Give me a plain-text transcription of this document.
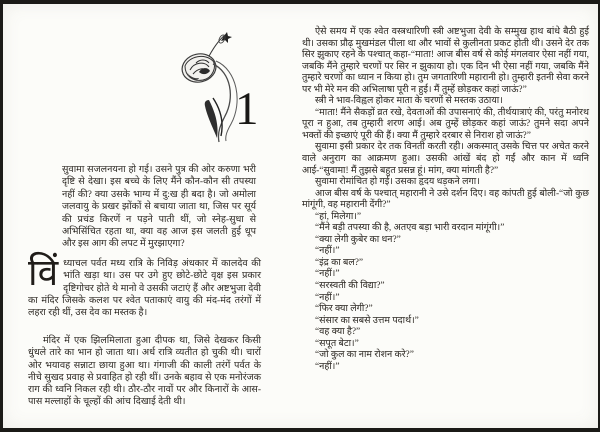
1

सुवामा सजलनयना हो गई। उसने पुत्र की ओर करुणा भरी दृष्टि से देखा। इस बच्चे के लिए मैंने कौन-कौन सी तपस्या नहीं की? क्या उसके भाग्य में दु:ख ही बदा है। जो अमोला जलवायु के प्रखर झोंकों से बचाया जाता था, जिस पर सूर्य की प्रचंड किरणें न पड़ने पाती थीं, जो स्नेह-सुधा से अभिसिंचित रहता था, क्या वह आज इस जलती हुई धूप और इस आग की लपट में मुरझाएगा?

विंध्याचल पर्वत मध्य रात्रि के निविड़ अंधकार में कालदेव की भांति खड़ा था। उस पर उगे हुए छोटे-छोटे वृक्ष इस प्रकार दृष्टिगोचर होते थे मानो वे उसकी जटाएं हैं और अष्टभुजा देवी का मंदिर जिसके कलश पर श्वेत पताकाएं वायु की मंद-मंद तरंगों में लहरा रही थीं, उस देव का मस्तक है।

मंदिर में एक झिलमिलाता हुआ दीपक था, जिसे देखकर किसी धुंधले तारे का भान हो जाता था। अर्ध रात्रि व्यतीत हो चुकी थी। चारों ओर भयावह सन्नाटा छाया हुआ था। गंगाजी की काली तरंगें पर्वत के नीचे सुखद प्रवाह से प्रवाहित हो रही थीं। उनके बहाव से एक मनोरंजक राग की ध्वनि निकल रही थी। ठौर-ठौर नावों पर और किनारों के आस-पास मल्लाहों के चूल्हों की आंच दिखाई देती थी।

ऐसे समय में एक श्वेत वस्त्रधारिणी स्त्री अष्टभुजा देवी के सम्मुख हाथ बांधे बैठी हुई थी। उसका प्रौढ़ मुखमंडल पीला था और भावों से कुलीनता प्रकट होती थी। उसने देर तक सिर झुकाए रहने के पश्चात् कहा-“माता! आज बीस वर्ष से कोई मंगलवार ऐसा नहीं गया, जबकि मैंने तुम्हारे चरणों पर सिर न झुकाया हो। एक दिन भी ऐसा नहीं गया, जबकि मैंने तुम्हारे चरणों का ध्यान न किया हो। तुम जगतारिणी महारानी हो। तुम्हारी इतनी सेवा करने पर भी मेरे मन की अभिलाषा पूरी न हुई। मैं तुम्हें छोड़कर कहां जाऊं?”

स्त्री ने भाव-विह्वल होकर माता के चरणों से मस्तक उठाया।

“माता! मैंने सैकड़ों व्रत रखे, देवताओं की उपासनाएं की, तीर्थयात्राएं की, परंतु मनोरथ पूरा न हुआ, तब तुम्हारी शरण आई। अब तुम्हें छोड़कर कहां जाऊं? तुमने सदा अपने भक्तों की इच्छाएं पूरी की हैं। क्या मैं तुम्हारे दरबार से निराश हो जाऊं?”

सुवामा इसी प्रकार देर तक विनती करती रही। अकस्मात् उसके चित्त पर अचेत करने वाले अनुराग का आक्रमण हुआ। उसकी आंखें बंद हो गईं और कान में ध्वनि आई-“सुवामा! मैं तुझसे बहुत प्रसन्न हूं। मांग, क्या मांगती है?”

सुवामा रोमांचित हो गई। उसका हृदय धड़कने लगा।

आज बीस वर्ष के पश्चात् महारानी ने उसे दर्शन दिए। वह कांपती हुई बोली-“जो कुछ मांगूंगी, वह महारानी देंगी?”

“हां, मिलेगा।”

“मैंने बड़ी तपस्या की है, अतएव बड़ा भारी वरदान मांगूंगी।”

“क्या लेगी कुबेर का धन?”

“नहीं।”

“इंद्र का बल?”

“नहीं।”

“सरस्वती की विद्या?”

“नहीं।”

“फिर क्या लेगी?”

“संसार का सबसे उत्तम पदार्थ।”

“वह क्या है?”

“सपूत बेटा।”

“जो कुल का नाम रोशन करे?”

“नहीं।”
